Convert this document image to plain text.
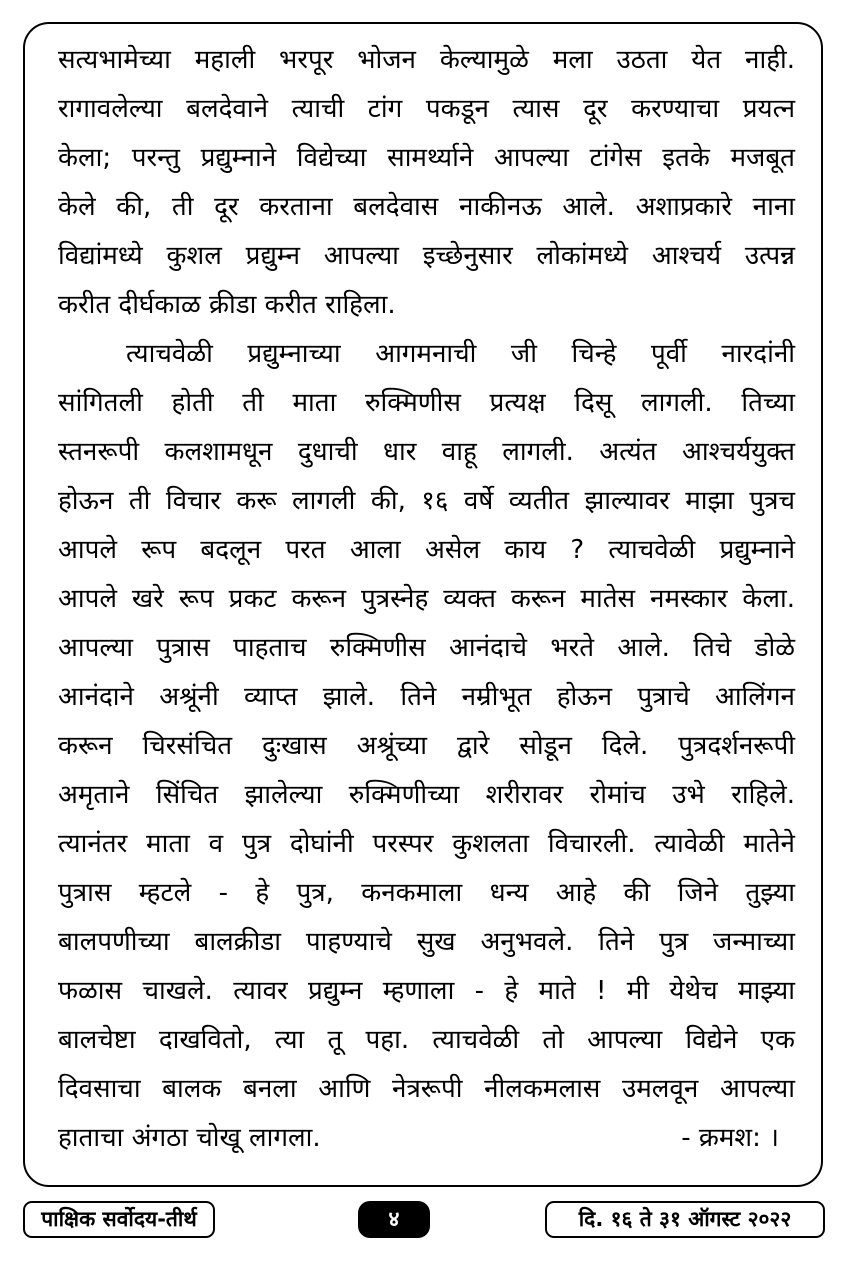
सत्यभामेच्या महाली भरपूर भोजन केल्यामुळे मला उठता येत नाही.
रागावलेल्या बलदेवाने त्याची टांग पकडून त्यास दूर करण्याचा प्रयत्न
केला; परन्तु प्रद्युम्नाने विद्येच्या सामर्थ्याने आपल्या टांगेस इतके मजबूत
केले की, ती दूर करताना बलदेवास नाकीनऊ आले. अशाप्रकारे नाना
विद्यांमध्ये कुशल प्रद्युम्न आपल्या इच्छेनुसार लोकांमध्ये आश्चर्य उत्पन्न
करीत दीर्घकाळ क्रीडा करीत राहिला.
त्याचवेळी प्रद्युम्नाच्या आगमनाची जी चिन्हे पूर्वी नारदांनी
सांगितली होती ती माता रुक्मिणीस प्रत्यक्ष दिसू लागली. तिच्या
स्तनरूपी कलशामधून दुधाची धार वाहू लागली. अत्यंत आश्चर्ययुक्त
होऊन ती विचार करू लागली की, १६ वर्षे व्यतीत झाल्यावर माझा पुत्रच
आपले रूप बदलून परत आला असेल काय ? त्याचवेळी प्रद्युम्नाने
आपले खरे रूप प्रकट करून पुत्रस्नेह व्यक्त करून मातेस नमस्कार केला.
आपल्या पुत्रास पाहताच रुक्मिणीस आनंदाचे भरते आले. तिचे डोळे
आनंदाने अश्रूंनी व्याप्त झाले. तिने नम्रीभूत होऊन पुत्राचे आलिंगन
करून चिरसंचित दुःखास अश्रूंच्या द्वारे सोडून दिले. पुत्रदर्शनरूपी
अमृताने सिंचित झालेल्या रुक्मिणीच्या शरीरावर रोमांच उभे राहिले.
त्यानंतर माता व पुत्र दोघांनी परस्पर कुशलता विचारली. त्यावेळी मातेने
पुत्रास म्हटले - हे पुत्र, कनकमाला धन्य आहे की जिने तुझ्या
बालपणीच्या बालक्रीडा पाहण्याचे सुख अनुभवले. तिने पुत्र जन्माच्या
फळास चाखले. त्यावर प्रद्युम्न म्हणाला - हे माते ! मी येथेच माझ्या
बालचेष्टा दाखवितो, त्या तू पहा. त्याचवेळी तो आपल्या विद्येने एक
दिवसाचा बालक बनला आणि नेत्ररूपी नीलकमलास उमलवून आपल्या
हाताचा अंगठा चोखू लागला.	- क्रमश: ।
पाक्षिक सर्वोदय-तीर्थ	४	दि. १६ ते ३१ ऑगस्ट २०२२
